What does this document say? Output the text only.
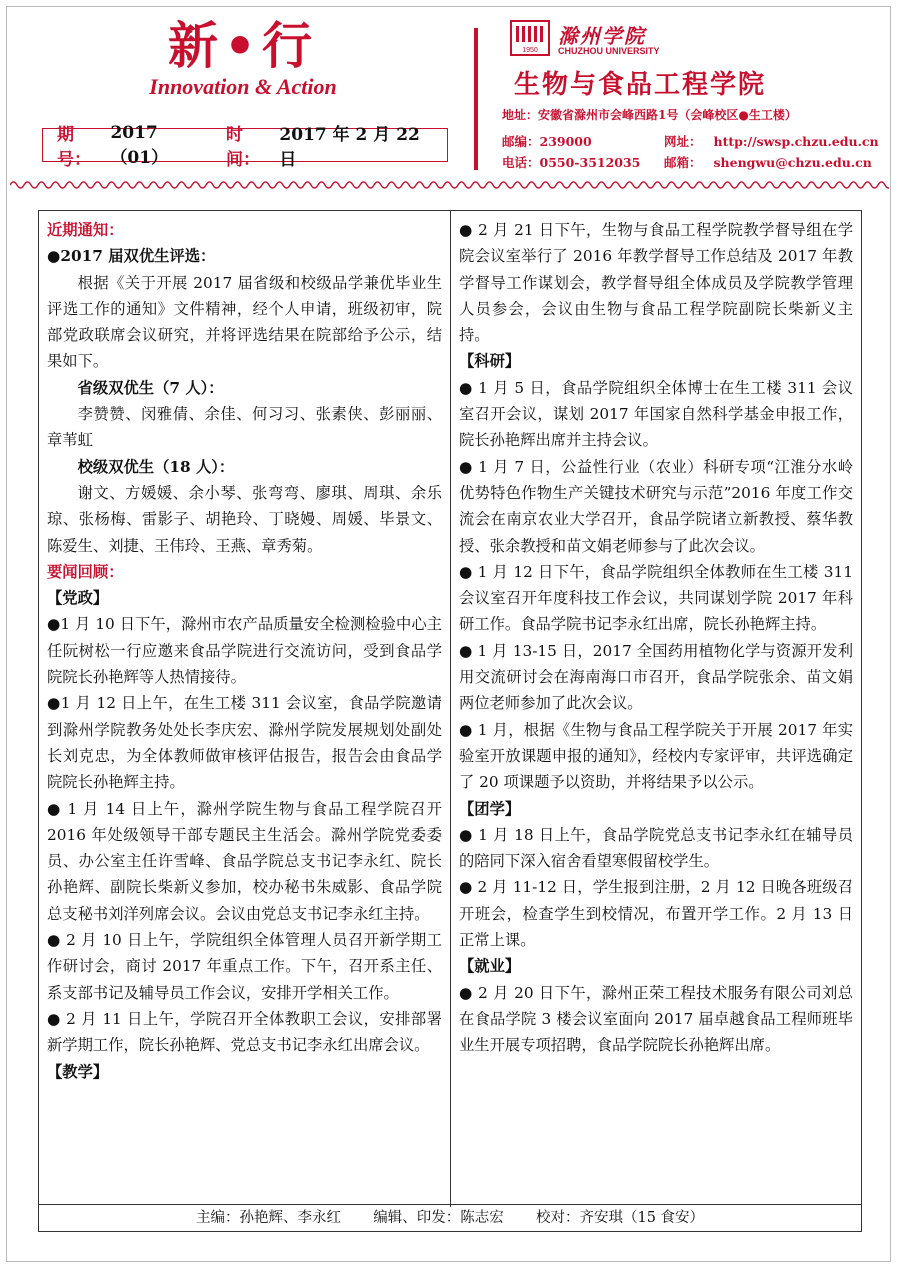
新•行
Innovation & Action
期号：
2017（01）
时间：
2017 年 2 月 22 日
1950
滁州学院
CHUZHOU UNIVERSITY
生物与食品工程学院
地址：安徽省滁州市会峰西路1号（会峰校区●生工楼）
邮编：239000	网址： http://swsp.chzu.edu.cn
电话：0550-3512035 邮箱： shengwu@chzu.edu.cn

近期通知：

●2017 届双优生评选：

根据《关于开展 2017 届省级和校级品学兼优毕业生评选工作的通知》文件精神，经个人申请，班级初审，院部党政联席会议研究，并将评选结果在院部给予公示，结果如下。

省级双优生（7 人）：

李赞赞、闵雅倩、余佳、何习习、张素侠、彭丽丽、章苇虹

校级双优生（18 人）：

谢文、方媛媛、余小琴、张弯弯、廖琪、周琪、余乐琼、张杨梅、雷影子、胡艳玲、丁晓嫚、周媛、毕景文、陈爱生、刘捷、王伟玲、王燕、章秀菊。

要闻回顾：

【党政】

●1 月 10 日下午，滁州市农产品质量安全检测检验中心主任阮树松一行应邀来食品学院进行交流访问，受到食品学院院长孙艳辉等人热情接待。

●1 月 12 日上午，在生工楼 311 会议室，食品学院邀请到滁州学院教务处处长李庆宏、滁州学院发展规划处副处长刘克忠，为全体教师做审核评估报告，报告会由食品学院院长孙艳辉主持。

● 1 月 14 日上午，滁州学院生物与食品工程学院召开 2016 年处级领导干部专题民主生活会。滁州学院党委委员、办公室主任许雪峰、食品学院总支书记李永红、院长孙艳辉、副院长柴新义参加，校办秘书朱威影、食品学院总支秘书刘洋列席会议。会议由党总支书记李永红主持。

● 2 月 10 日上午，学院组织全体管理人员召开新学期工作研讨会，商讨 2017 年重点工作。下午，召开系主任、系支部书记及辅导员工作会议，安排开学相关工作。

● 2 月 11 日上午，学院召开全体教职工会议，安排部署新学期工作，院长孙艳辉、党总支书记李永红出席会议。

【教学】

● 2 月 21 日下午，生物与食品工程学院教学督导组在学院会议室举行了 2016 年教学督导工作总结及 2017 年教学督导工作谋划会，教学督导组全体成员及学院教学管理人员参会，会议由生物与食品工程学院副院长柴新义主持。

【科研】

● 1 月 5 日，食品学院组织全体博士在生工楼 311 会议室召开会议，谋划 2017 年国家自然科学基金申报工作，院长孙艳辉出席并主持会议。

● 1 月 7 日，公益性行业（农业）科研专项“江淮分水岭优势特色作物生产关键技术研究与示范”2016 年度工作交流会在南京农业大学召开，食品学院诸立新教授、蔡华教授、张余教授和苗文娟老师参与了此次会议。

● 1 月 12 日下午，食品学院组织全体教师在生工楼 311 会议室召开年度科技工作会议，共同谋划学院 2017 年科研工作。食品学院书记李永红出席，院长孙艳辉主持。

● 1 月 13-15 日，2017 全国药用植物化学与资源开发利用交流研讨会在海南海口市召开，食品学院张余、苗文娟两位老师参加了此次会议。

● 1 月，根据《生物与食品工程学院关于开展 2017 年实验室开放课题申报的通知》，经校内专家评审，共评选确定了 20 项课题予以资助，并将结果予以公示。

【团学】

● 1 月 18 日上午，食品学院党总支书记李永红在辅导员的陪同下深入宿舍看望寒假留校学生。

● 2 月 11-12 日，学生报到注册，2 月 12 日晚各班级召开班会，检查学生到校情况，布置开学工作。2 月 13 日正常上课。

【就业】

● 2 月 20 日下午，滁州正荣工程技术服务有限公司刘总在食品学院 3 楼会议室面向 2017 届卓越食品工程师班毕业生开展专项招聘，食品学院院长孙艳辉出席。

主编：孙艳辉、李永红 编辑、印发：陈志宏 校对：齐安琪（15 食安）
